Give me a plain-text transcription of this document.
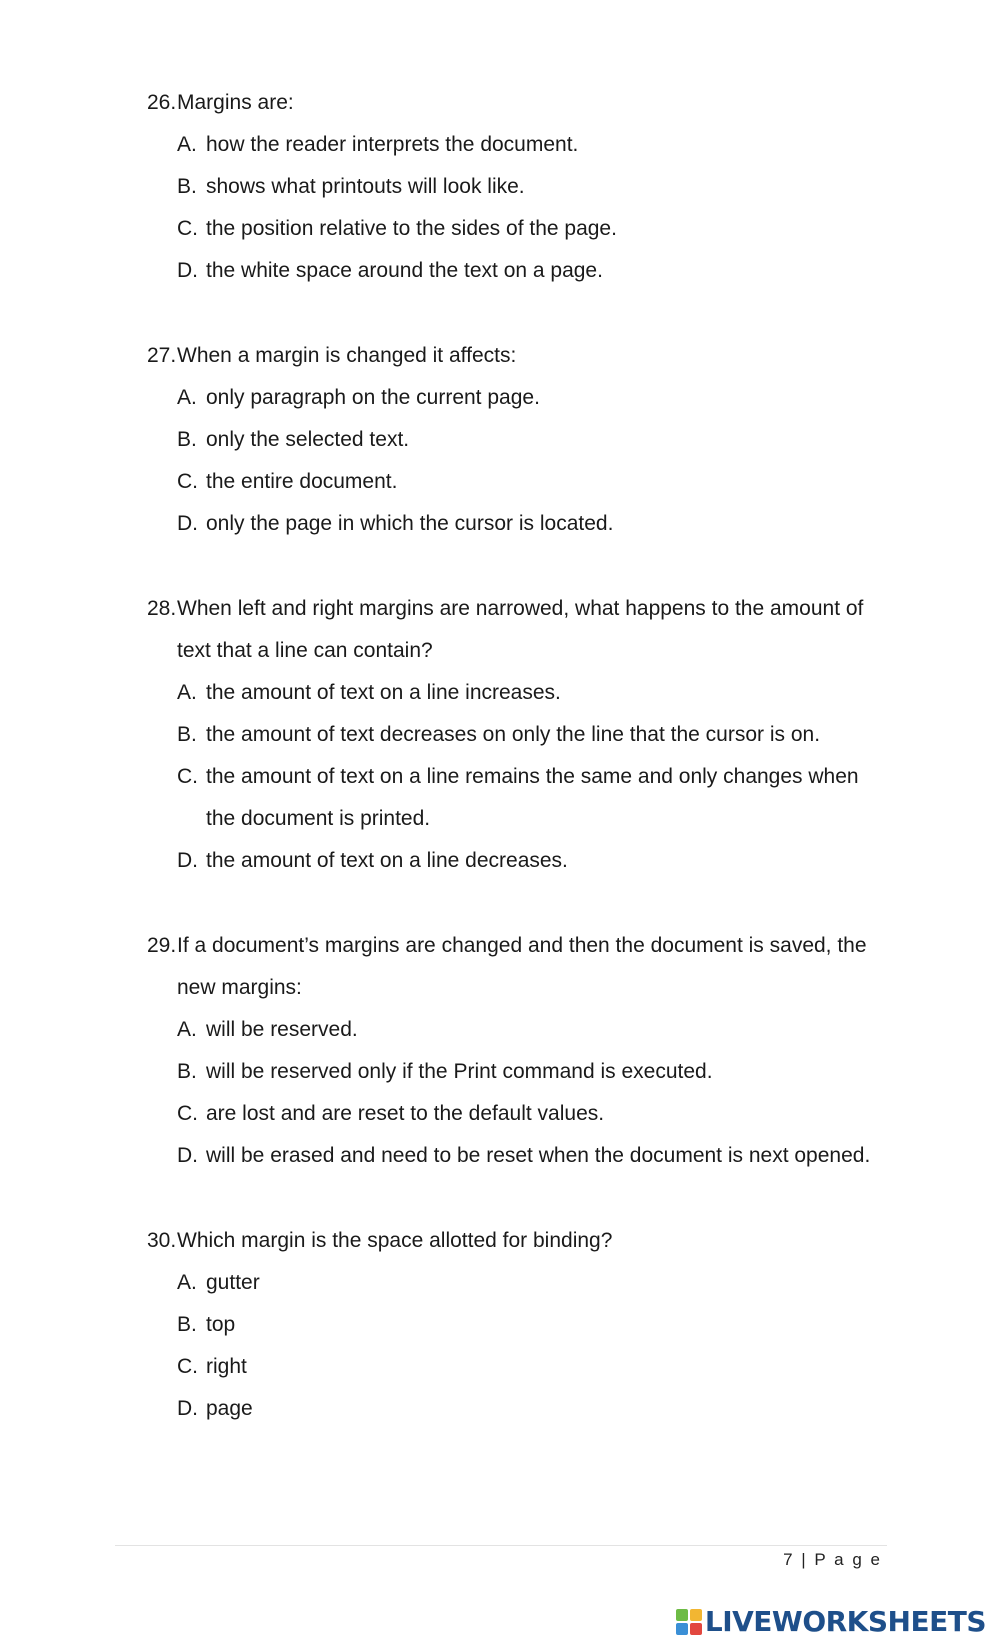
26. Margins are:
A. how the reader interprets the document.
B. shows what printouts will look like.
C. the position relative to the sides of the page.
D. the white space around the text on a page.
27. When a margin is changed it affects:
A. only paragraph on the current page.
B. only the selected text.
C. the entire document.
D. only the page in which the cursor is located.
28. When left and right margins are narrowed, what happens to the amount of text that a line can contain?
A. the amount of text on a line increases.
B. the amount of text decreases on only the line that the cursor is on.
C. the amount of text on a line remains the same and only changes when the document is printed.
D. the amount of text on a line decreases.
29. If a document’s margins are changed and then the document is saved, the new margins:
A. will be reserved.
B. will be reserved only if the Print command is executed.
C. are lost and are reset to the default values.
D. will be erased and need to be reset when the document is next opened.
30. Which margin is the space allotted for binding?
A. gutter
B. top
C. right
D. page
7 | P a g e
LIVEWORKSHEETS
